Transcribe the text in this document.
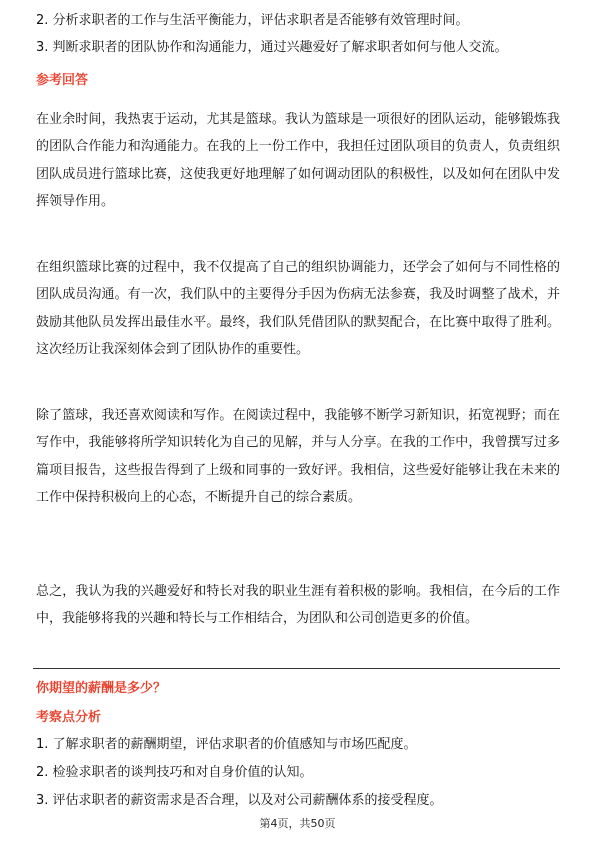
2. 分析求职者的工作与生活平衡能力，评估求职者是否能够有效管理时间。
3. 判断求职者的团队协作和沟通能力，通过兴趣爱好了解求职者如何与他人交流。
参考回答
在业余时间，我热衷于运动，尤其是篮球。我认为篮球是一项很好的团队运动，能够锻炼我的团队合作能力和沟通能力。在我的上一份工作中，我担任过团队项目的负责人，负责组织团队成员进行篮球比赛，这使我更好地理解了如何调动团队的积极性，以及如何在团队中发挥领导作用。
在组织篮球比赛的过程中，我不仅提高了自己的组织协调能力，还学会了如何与不同性格的团队成员沟通。有一次，我们队中的主要得分手因为伤病无法参赛，我及时调整了战术，并鼓励其他队员发挥出最佳水平。最终，我们队凭借团队的默契配合，在比赛中取得了胜利。这次经历让我深刻体会到了团队协作的重要性。
除了篮球，我还喜欢阅读和写作。在阅读过程中，我能够不断学习新知识，拓宽视野；而在写作中，我能够将所学知识转化为自己的见解，并与人分享。在我的工作中，我曾撰写过多篇项目报告，这些报告得到了上级和同事的一致好评。我相信，这些爱好能够让我在未来的工作中保持积极向上的心态，不断提升自己的综合素质。
总之，我认为我的兴趣爱好和特长对我的职业生涯有着积极的影响。我相信，在今后的工作中，我能够将我的兴趣和特长与工作相结合，为团队和公司创造更多的价值。
你期望的薪酬是多少？
考察点分析
1. 了解求职者的薪酬期望，评估求职者的价值感知与市场匹配度。
2. 检验求职者的谈判技巧和对自身价值的认知。
3. 评估求职者的薪资需求是否合理，以及对公司薪酬体系的接受程度。
第4页，共50页
